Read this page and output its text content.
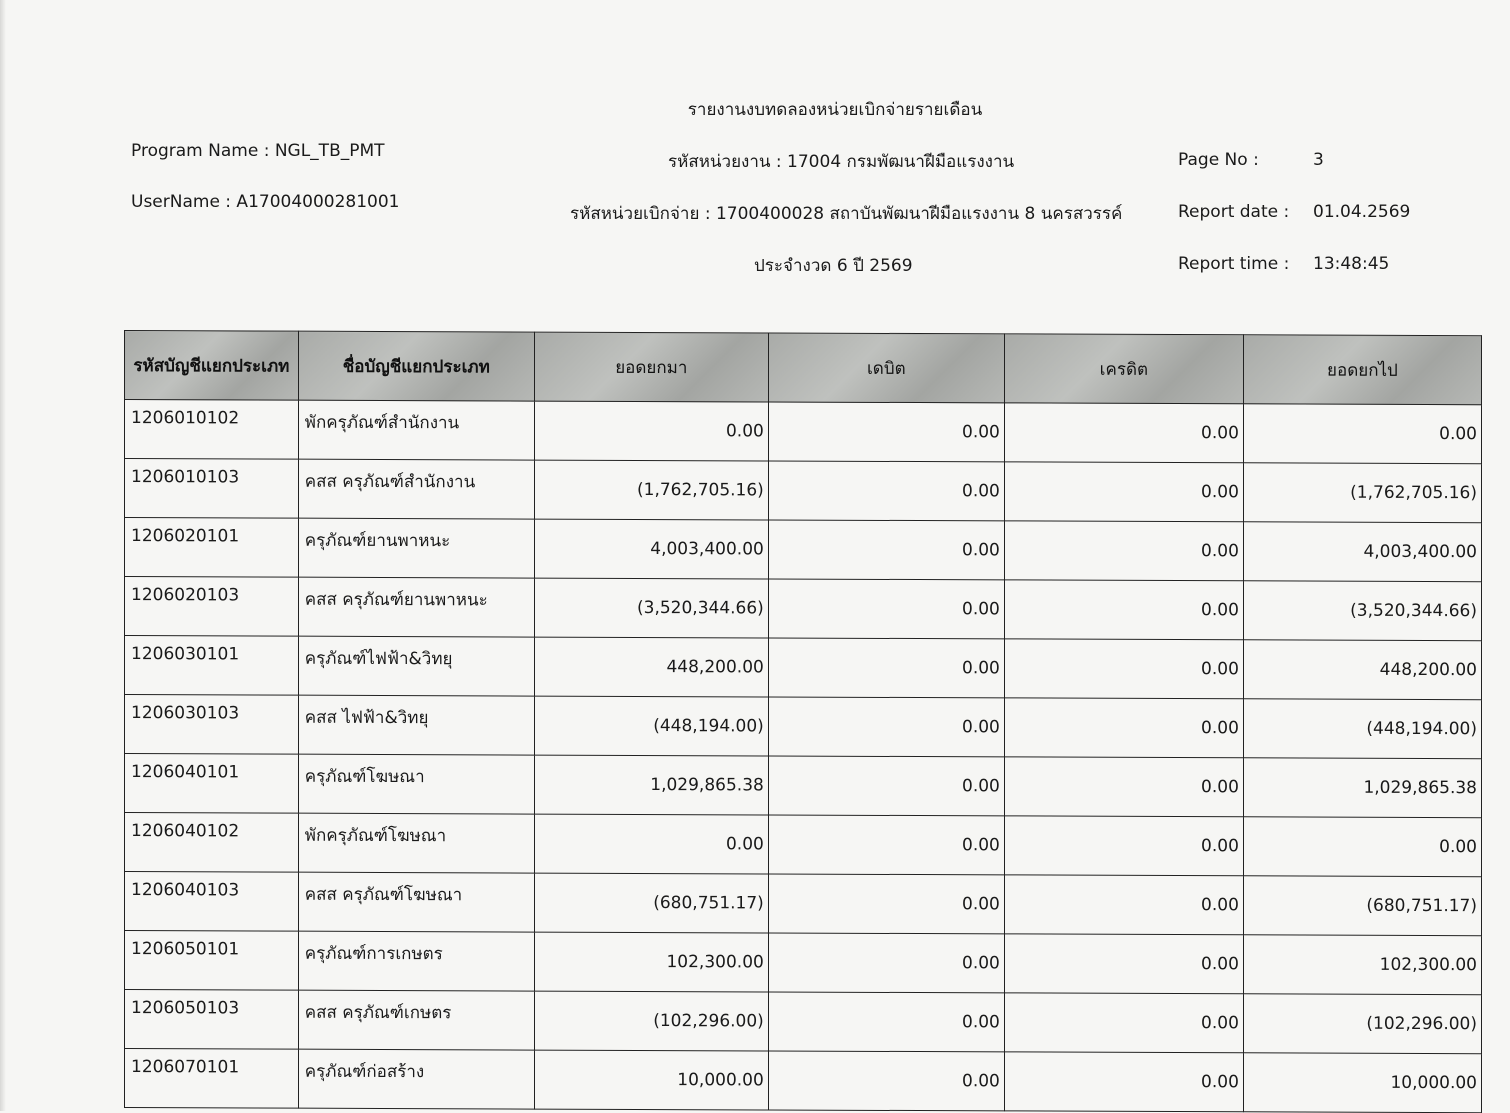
รายงานงบทดลองหน่วยเบิกจ่ายรายเดือน
Program Name : NGL_TB_PMT
UserName : A17004000281001
รหัสหน่วยงาน : 17004 กรมพัฒนาฝีมือแรงงาน
รหัสหน่วยเบิกจ่าย : 1700400028 สถาบันพัฒนาฝีมือแรงงาน 8 นครสวรรค์
ประจำงวด 6 ปี 2569
Page No :	3
Report date : 01.04.2569
Report time : 13:48:45
รหัสบัญชีแยกประเภท	ชื่อบัญชีแยกประเภท	ยอดยกมา	เดบิต	เครดิต	ยอดยกไป
1206010102	พักครุภัณฑ์สำนักงาน	0.00	0.00	0.00	0.00
1206010103	คสส ครุภัณฑ์สำนักงาน	(1,762,705.16)	0.00	0.00	(1,762,705.16)
1206020101	ครุภัณฑ์ยานพาหนะ	4,003,400.00	0.00	0.00	4,003,400.00
1206020103	คสส ครุภัณฑ์ยานพาหนะ	(3,520,344.66)	0.00	0.00	(3,520,344.66)
1206030101	ครุภัณฑ์ไฟฟ้า&วิทยุ	448,200.00	0.00	0.00	448,200.00
1206030103	คสส ไฟฟ้า&วิทยุ	(448,194.00)	0.00	0.00	(448,194.00)
1206040101	ครุภัณฑ์โฆษณา	1,029,865.38	0.00	0.00	1,029,865.38
1206040102	พักครุภัณฑ์โฆษณา	0.00	0.00	0.00	0.00
1206040103	คสส ครุภัณฑ์โฆษณา	(680,751.17)	0.00	0.00	(680,751.17)
1206050101	ครุภัณฑ์การเกษตร	102,300.00	0.00	0.00	102,300.00
1206050103	คสส ครุภัณฑ์เกษตร	(102,296.00)	0.00	0.00	(102,296.00)
1206070101	ครุภัณฑ์ก่อสร้าง	10,000.00	0.00	0.00	10,000.00
